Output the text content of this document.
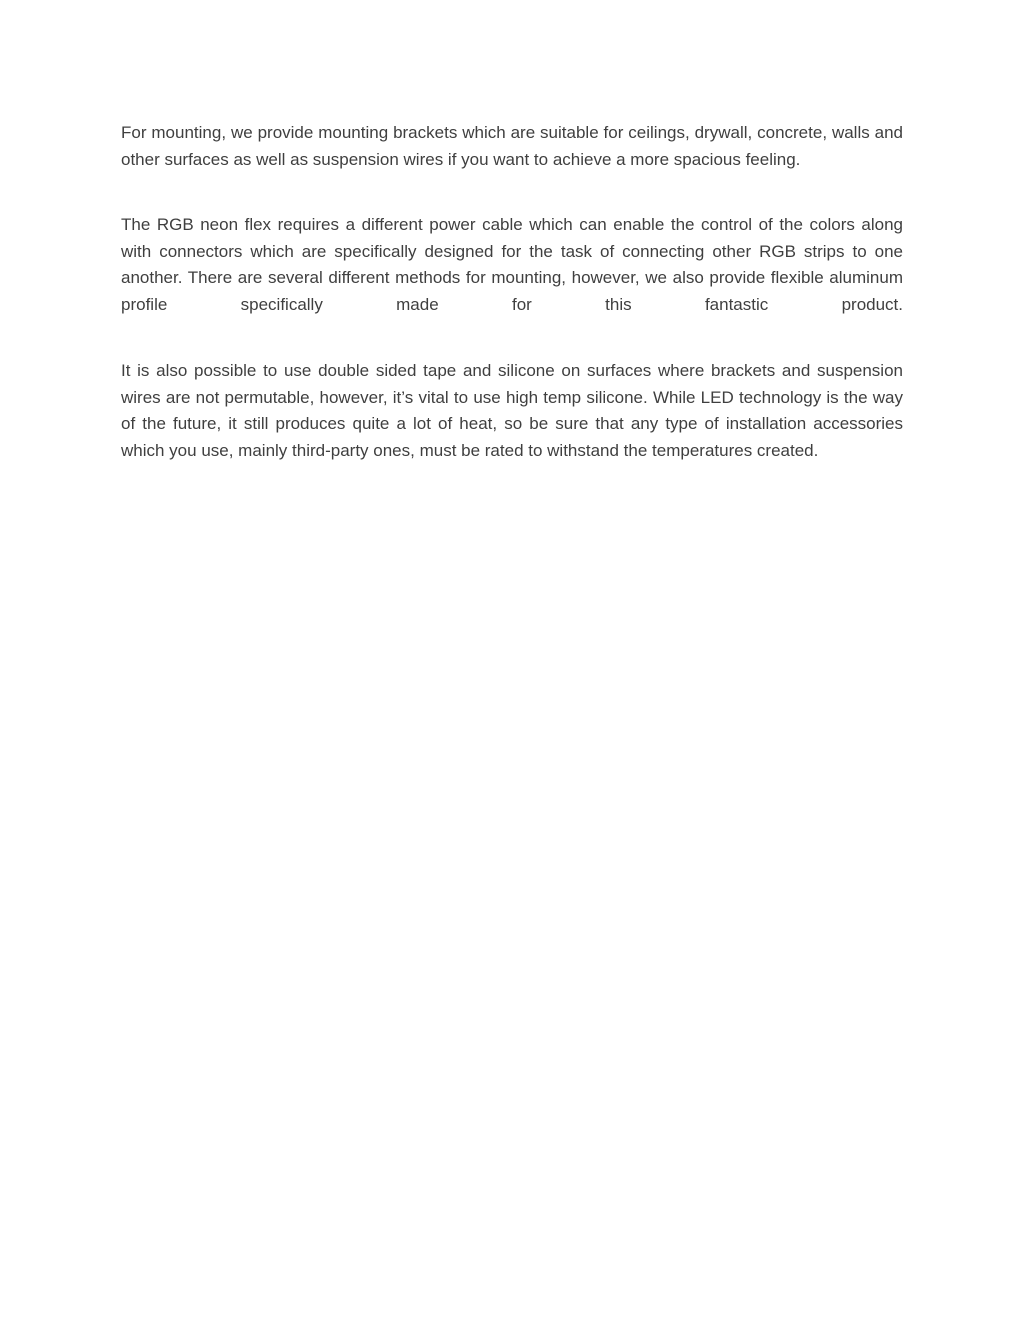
For mounting, we provide mounting brackets which are suitable for ceilings, drywall, concrete, walls and other surfaces as well as suspension wires if you want to achieve a more spacious feeling.

The RGB neon flex requires a different power cable which can enable the control of the colors along with connectors which are specifically designed for the task of connecting other RGB strips to one another. There are several different methods for mounting, however, we also provide flexible aluminum profile specifically made for this fantastic product.

It is also possible to use double sided tape and silicone on surfaces where brackets and suspension wires are not permutable, however, it’s vital to use high temp silicone. While LED technology is the way of the future, it still produces quite a lot of heat, so be sure that any type of installation accessories which you use, mainly third-party ones, must be rated to withstand the temperatures created.
